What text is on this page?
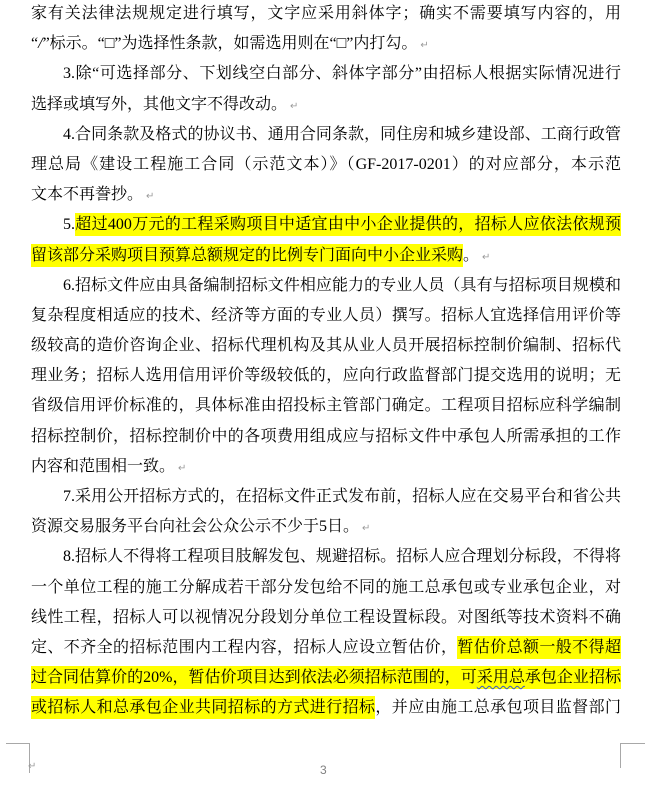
家有关法律法规规定进行填写，文字应采用斜体字；确实不需要填写内容的，用
“/”标示。“□”为选择性条款，如需选用则在“□”内打勾。 ↵
3.除“可选择部分、下划线空白部分、斜体字部分”由招标人根据实际情况进行
选择或填写外，其他文字不得改动。 ↵
4.合同条款及格式的协议书、通用合同条款，同住房和城乡建设部、工商行政管
理总局《建设工程施工合同（示范文本）》（GF-2017-0201）的对应部分，本示范
文本不再誊抄。 ↵
5.超过400万元的工程采购项目中适宜由中小企业提供的，招标人应依法依规预
留该部分采购项目预算总额规定的比例专门面向中小企业采购。 ↵
6.招标文件应由具备编制招标文件相应能力的专业人员（具有与招标项目规模和
复杂程度相适应的技术、经济等方面的专业人员）撰写。招标人宜选择信用评价等
级较高的造价咨询企业、招标代理机构及其从业人员开展招标控制价编制、招标代
理业务；招标人选用信用评价等级较低的，应向行政监督部门提交选用的说明；无
省级信用评价标准的，具体标准由招投标主管部门确定。工程项目招标应科学编制
招标控制价，招标控制价中的各项费用组成应与招标文件中承包人所需承担的工作
内容和范围相一致。 ↵
7.采用公开招标方式的，在招标文件正式发布前，招标人应在交易平台和省公共
资源交易服务平台向社会公众公示不少于5日。 ↵
8.招标人不得将工程项目肢解发包、规避招标。招标人应合理划分标段，不得将
一个单位工程的施工分解成若干部分发包给不同的施工总承包或专业承包企业，对
线性工程，招标人可以视情况分段划分单位工程设置标段。对图纸等技术资料不确
定、不齐全的招标范围内工程内容，招标人应设立暂估价，暂估价总额一般不得超
过合同估算价的20%，暂估价项目达到依法必须招标范围的，可采用总承包企业招标
或招标人和总承包企业共同招标的方式进行招标，并应由施工总承包项目监督部门
↵	3
